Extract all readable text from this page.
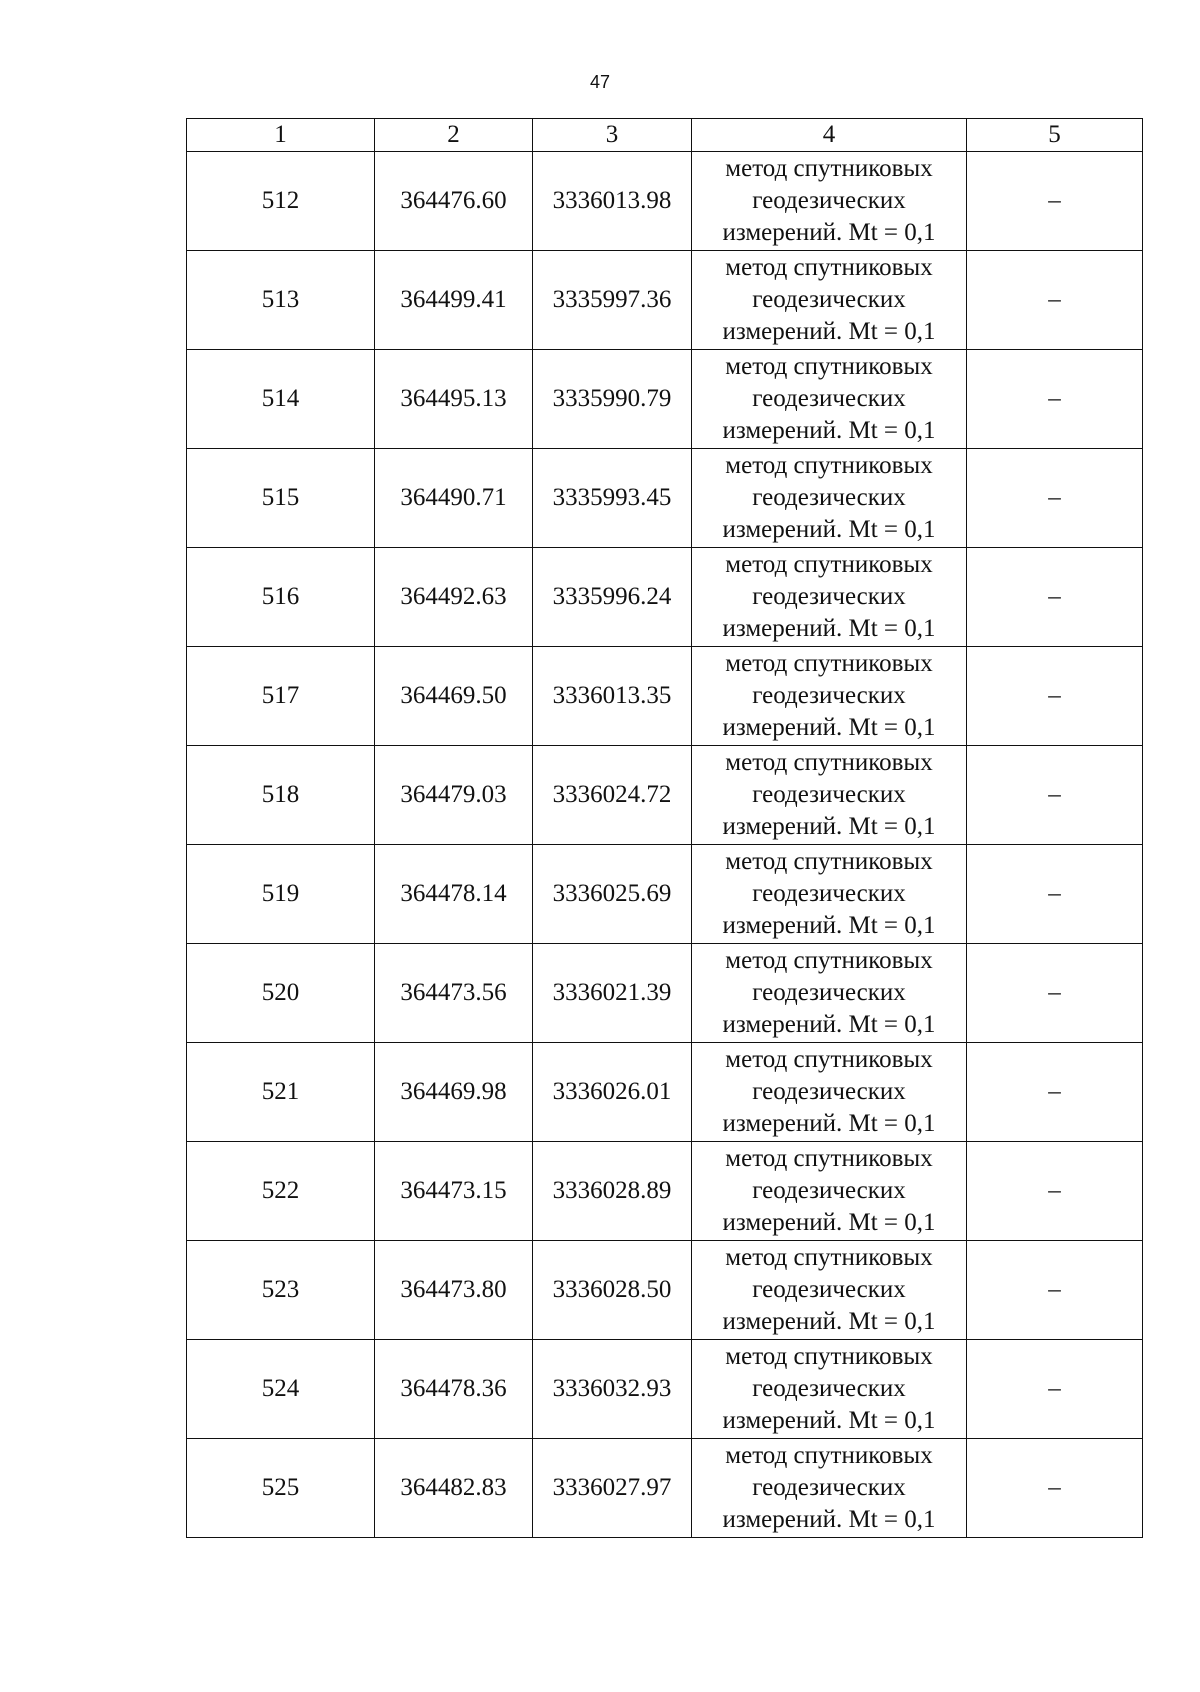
47
1	2	3	4	5
512	364476.60	3336013.98	метод спутниковых
геодезических
измерений. Mt = 0,1	–
513	364499.41	3335997.36	метод спутниковых
геодезических
измерений. Mt = 0,1	–
514	364495.13	3335990.79	метод спутниковых
геодезических
измерений. Mt = 0,1	–
515	364490.71	3335993.45	метод спутниковых
геодезических
измерений. Mt = 0,1	–
516	364492.63	3335996.24	метод спутниковых
геодезических
измерений. Mt = 0,1	–
517	364469.50	3336013.35	метод спутниковых
геодезических
измерений. Mt = 0,1	–
518	364479.03	3336024.72	метод спутниковых
геодезических
измерений. Mt = 0,1	–
519	364478.14	3336025.69	метод спутниковых
геодезических
измерений. Mt = 0,1	–
520	364473.56	3336021.39	метод спутниковых
геодезических
измерений. Mt = 0,1	–
521	364469.98	3336026.01	метод спутниковых
геодезических
измерений. Mt = 0,1	–
522	364473.15	3336028.89	метод спутниковых
геодезических
измерений. Mt = 0,1	–
523	364473.80	3336028.50	метод спутниковых
геодезических
измерений. Mt = 0,1	–
524	364478.36	3336032.93	метод спутниковых
геодезических
измерений. Mt = 0,1	–
525	364482.83	3336027.97	метод спутниковых
геодезических
измерений. Mt = 0,1	–
